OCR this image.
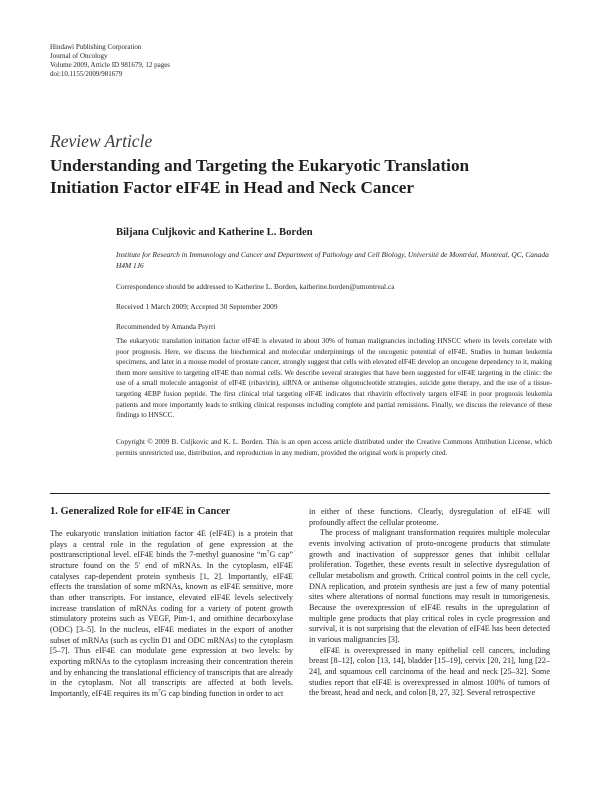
Hindawi Publishing Corporation
Journal of Oncology
Volume 2009, Article ID 981679, 12 pages
doi:10.1155/2009/981679
Review Article
Understanding and Targeting the Eukaryotic Translation
Initiation Factor eIF4E in Head and Neck Cancer
Biljana Culjkovic and Katherine L. Borden
Institute for Research in Immunology and Cancer and Department of Pathology and Cell Biology, Université de Montréal, Montreal, QC, Canada H4M 1J6
Correspondence should be addressed to Katherine L. Borden, katherine.borden@umontreal.ca
Received 1 March 2009; Accepted 30 September 2009
Recommended by Amanda Psyrri
The eukaryotic translation initiation factor eIF4E is elevated in about 30% of human malignancies including HNSCC where its levels correlate with poor prognosis. Here, we discuss the biochemical and molecular underpinnings of the oncogenic potential of eIF4E. Studies in human leukemia specimens, and later in a mouse model of prostate cancer, strongly suggest that cells with elevated eIF4E develop an oncogene dependency to it, making them more sensitive to targeting eIF4E than normal cells. We describe several strategies that have been suggested for eIF4E targeting in the clinic: the use of a small molecule antagonist of eIF4E (ribavirin), siRNA or antisense oligonucleotide strategies, suicide gene therapy, and the use of a tissue-targeting 4EBP fusion peptide. The first clinical trial targeting eIF4E indicates that ribavirin effectively targets eIF4E in poor prognosis leukemia patients and more importantly leads to striking clinical responses including complete and partial remissions. Finally, we discuss the relevance of these findings to HNSCC.
Copyright © 2009 B. Culjkovic and K. L. Borden. This is an open access article distributed under the Creative Commons Attribution License, which permits unrestricted use, distribution, and reproduction in any medium, provided the original work is properly cited.
1. Generalized Role for eIF4E in Cancer

The eukaryotic translation initiation factor 4E (eIF4E) is a protein that plays a central role in the regulation of gene expression at the posttranscriptional level. eIF4E binds the 7-methyl guanosine “$m^7G$ cap” structure found on the 5′ end of mRNAs. In the cytoplasm, eIF4E catalyses cap-dependent protein synthesis [1, 2]. Importantly, eIF4E effects the translation of some mRNAs, known as eIF4E sensitive, more than other transcripts. For instance, elevated eIF4E levels selectively increase translation of mRNAs coding for a variety of potent growth stimulatory proteins such as VEGF, Pim-1, and ornithine decarboxylase (ODC) [3–5]. In the nucleus, eIF4E mediates in the export of another subset of mRNAs (such as cyclin D1 and ODC mRNAs) to the cytoplasm [5–7]. Thus eIF4E can modulate gene expression at two levels: by exporting mRNAs to the cytoplasm increasing their concentration therein and by enhancing the translational efficiency of transcripts that are already in the cytoplasm. Not all transcripts are affected at both levels. Importantly, eIF4E requires its $m^7G$ cap binding function in order to act

in either of these functions. Clearly, dysregulation of eIF4E will profoundly affect the cellular proteome.

The process of malignant transformation requires multiple molecular events involving activation of proto-oncogene products that stimulate growth and inactivation of suppressor genes that inhibit cellular proliferation. Together, these events result in selective dysregulation of cellular metabolism and growth. Critical control points in the cell cycle, DNA replication, and protein synthesis are just a few of many potential sites where alterations of normal functions may result in tumorigenesis. Because the overexpression of eIF4E results in the upregulation of multiple gene products that play critical roles in cycle progression and survival, it is not surprising that the elevation of eIF4E has been detected in various malignancies [3].

eIF4E is overexpressed in many epithelial cell cancers, including breast [8–12], colon [13, 14], bladder [15–19], cervix [20, 21], lung [22–24], and squamous cell carcinoma of the head and neck [25–32]. Some studies report that eIF4E is overexpressed in almost 100% of tumors of the breast, head and neck, and colon [8, 27, 32]. Several retrospective
